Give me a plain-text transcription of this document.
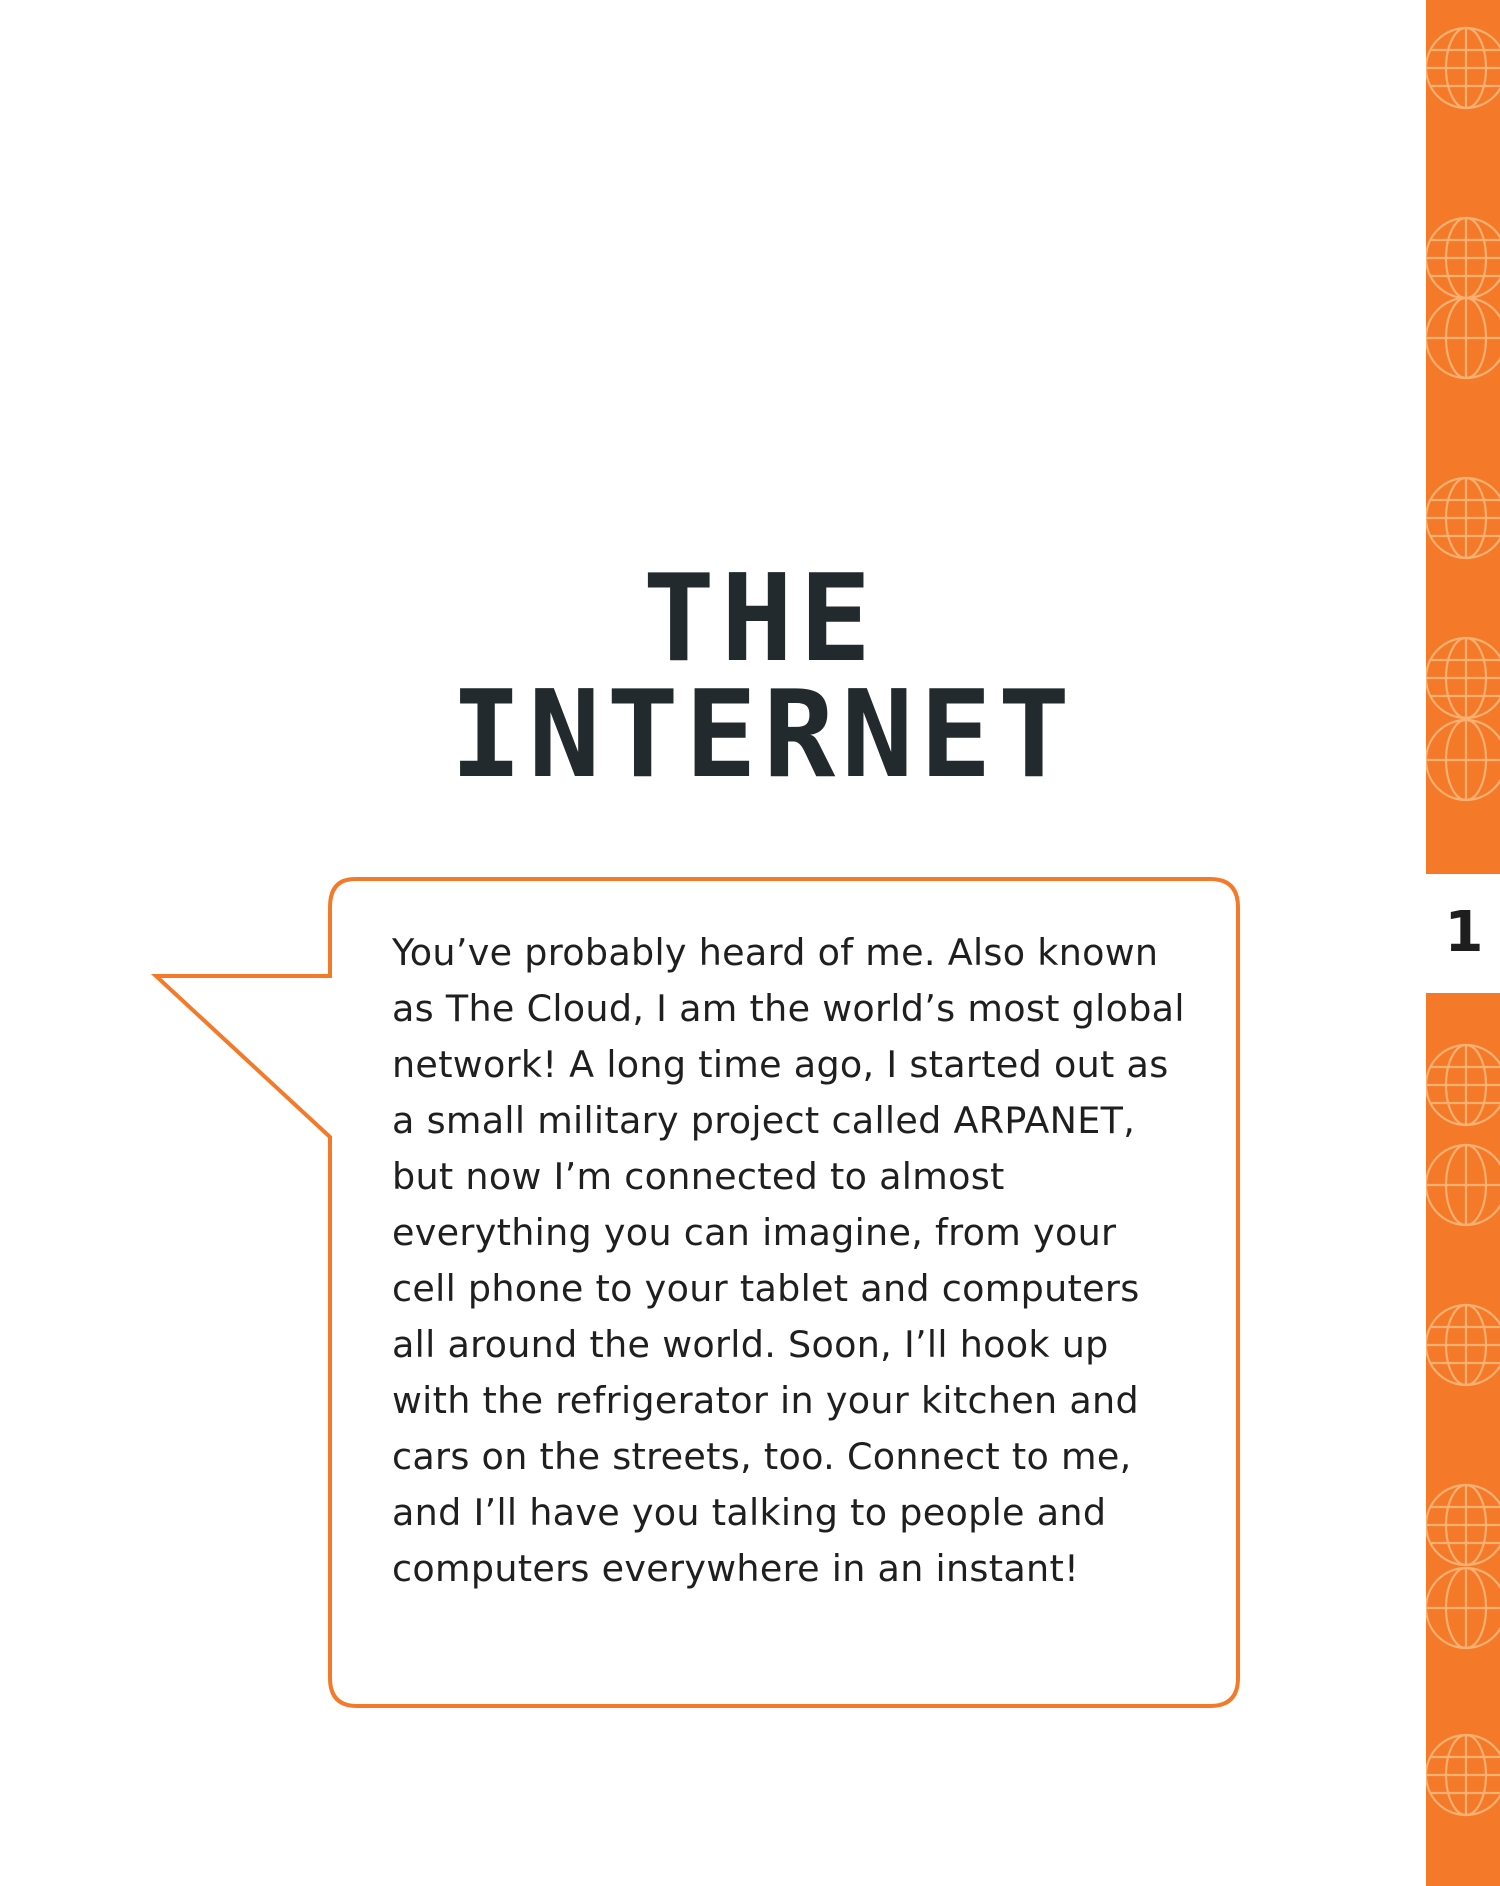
THE
INTERNET
You’ve probably heard of me. Also known as The Cloud, I am the world’s most global network! A long time ago, I started out as a small military project called ARPANET, but now I’m connected to almost everything you can imagine, from your cell phone to your tablet and computers all around the world. Soon, I’ll hook up with the refrigerator in your kitchen and cars on the streets, too. Connect to me, and I’ll have you talking to people and computers everywhere in an instant!
1
